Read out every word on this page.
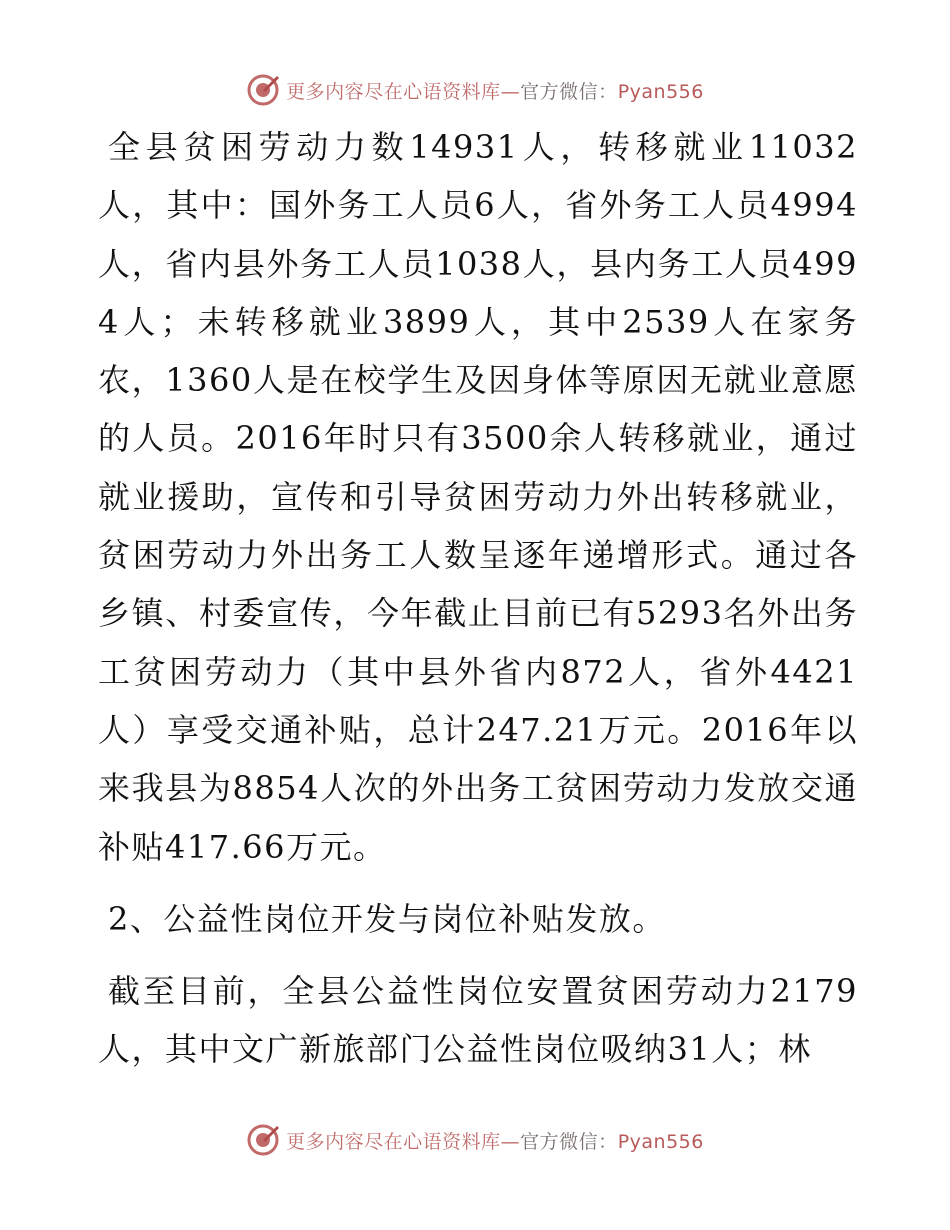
更多内容尽在心语资料库—官方微信：Pyan556

全县贫困劳动力数14931人，转移就业11032人，其中：国外务工人员6人，省外务工人员4994人，省内县外务工人员1038人，县内务工人员4994人；未转移就业3899人，其中2539人在家务农，1360人是在校学生及因身体等原因无就业意愿的人员。2016年时只有3500余人转移就业，通过就业援助，宣传和引导贫困劳动力外出转移就业，贫困劳动力外出务工人数呈逐年递增形式。通过各乡镇、村委宣传，今年截止目前已有5293名外出务工贫困劳动力（其中县外省内872人，省外4421人）享受交通补贴，总计247.21万元。2016年以来我县为8854人次的外出务工贫困劳动力发放交通补贴417.66万元。

2、公益性岗位开发与岗位补贴发放。

截至目前，全县公益性岗位安置贫困劳动力2179人，其中文广新旅部门公益性岗位吸纳31人；林

更多内容尽在心语资料库—官方微信：Pyan556
